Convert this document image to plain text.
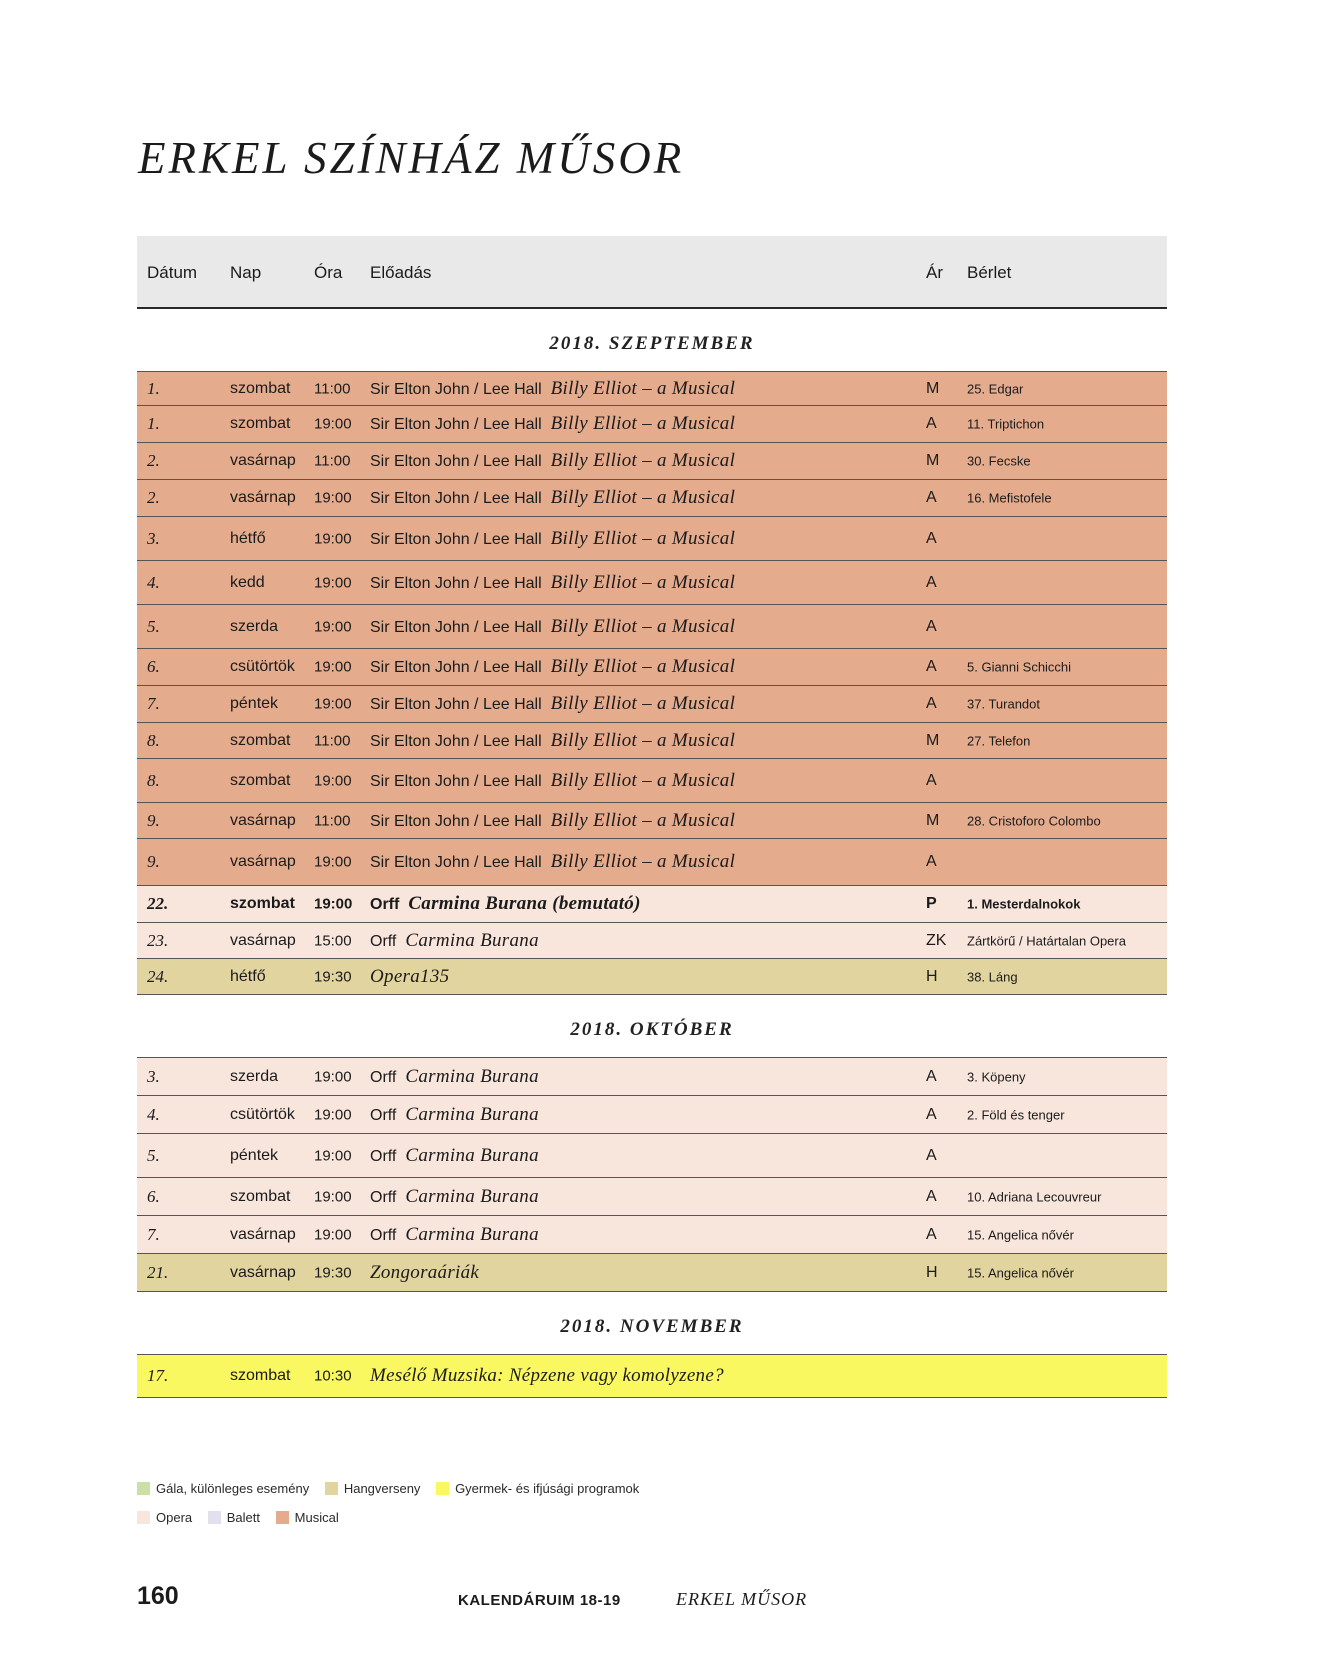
ERKEL SZÍNHÁZ MŰSOR
Dátum Nap	Óra Előadás	Ár Bérlet
2018. SZEPTEMBER
1.	szombat 11:00 Sir Elton John / Lee Hall Billy Elliot – a Musical	M 25. Edgar
1.	szombat 19:00 Sir Elton John / Lee Hall Billy Elliot – a Musical	A 11. Triptichon
2.	vasárnap 11:00 Sir Elton John / Lee Hall Billy Elliot – a Musical	M 30. Fecske
2.	vasárnap 19:00 Sir Elton John / Lee Hall Billy Elliot – a Musical	A 16. Mefistofele
3.	hétfő	19:00 Sir Elton John / Lee Hall Billy Elliot – a Musical	A
4.	kedd	19:00 Sir Elton John / Lee Hall Billy Elliot – a Musical	A
5.	szerda 19:00 Sir Elton John / Lee Hall Billy Elliot – a Musical	A
6.	csütörtök 19:00 Sir Elton John / Lee Hall Billy Elliot – a Musical	A 5. Gianni Schicchi
7.	péntek 19:00 Sir Elton John / Lee Hall Billy Elliot – a Musical	A 37. Turandot
8.	szombat 11:00 Sir Elton John / Lee Hall Billy Elliot – a Musical	M 27. Telefon
8.	szombat 19:00 Sir Elton John / Lee Hall Billy Elliot – a Musical	A
9.	vasárnap 11:00 Sir Elton John / Lee Hall Billy Elliot – a Musical	M 28. Cristoforo Colombo
9.	vasárnap 19:00 Sir Elton John / Lee Hall Billy Elliot – a Musical	A
22.	szombat 19:00 Orff Carmina Burana (bemutató)	P 1. Mesterdalnokok
23.	vasárnap 15:00 Orff Carmina Burana	ZK Zártkörű / Határtalan Opera
24.	hétfő	19:30 Opera135	H 38. Láng
2018. OKTÓBER
3.	szerda 19:00 Orff Carmina Burana	A 3. Köpeny
4.	csütörtök 19:00 Orff Carmina Burana	A 2. Föld és tenger
5.	péntek 19:00 Orff Carmina Burana	A
6.	szombat 19:00 Orff Carmina Burana	A 10. Adriana Lecouvreur
7.	vasárnap 19:00 Orff Carmina Burana	A 15. Angelica nővér
21.	vasárnap 19:30 Zongoraáriák	H 15. Angelica nővér
2018. NOVEMBER
17.	szombat 10:30 Mesélő Muzsika: Népzene vagy komolyzene?
Gála, különleges esemény	Hangverseny	Gyermek- és ifjúsági programok
Opera	Balett	Musical
160	KALENDÁRUIM 18-19	ERKEL MŰSOR
